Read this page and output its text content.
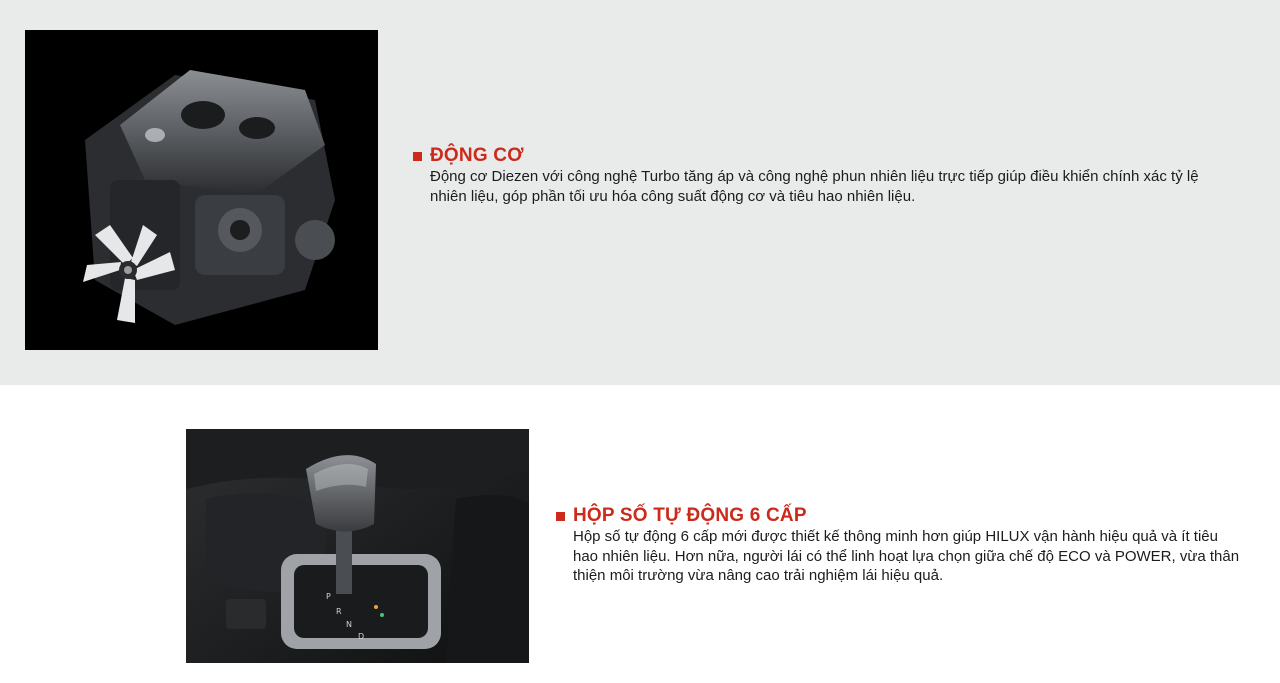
P
R
N
D
ĐỘNG CƠ
Động cơ Diezen với công nghệ Turbo tăng áp và công nghệ phun nhiên liệu trực tiếp giúp điều khiển chính xác tỷ lệ nhiên liệu, góp phần tối ưu hóa công suất động cơ và tiêu hao nhiên liệu.
HỘP SỐ TỰ ĐỘNG 6 CẤP
Hộp số tự động 6 cấp mới được thiết kế thông minh hơn giúp HILUX vận hành hiệu quả và ít tiêu hao nhiên liệu. Hơn nữa, người lái có thể linh hoạt lựa chọn giữa chế độ ECO và POWER, vừa thân thiện môi trường vừa nâng cao trải nghiệm lái hiệu quả.
